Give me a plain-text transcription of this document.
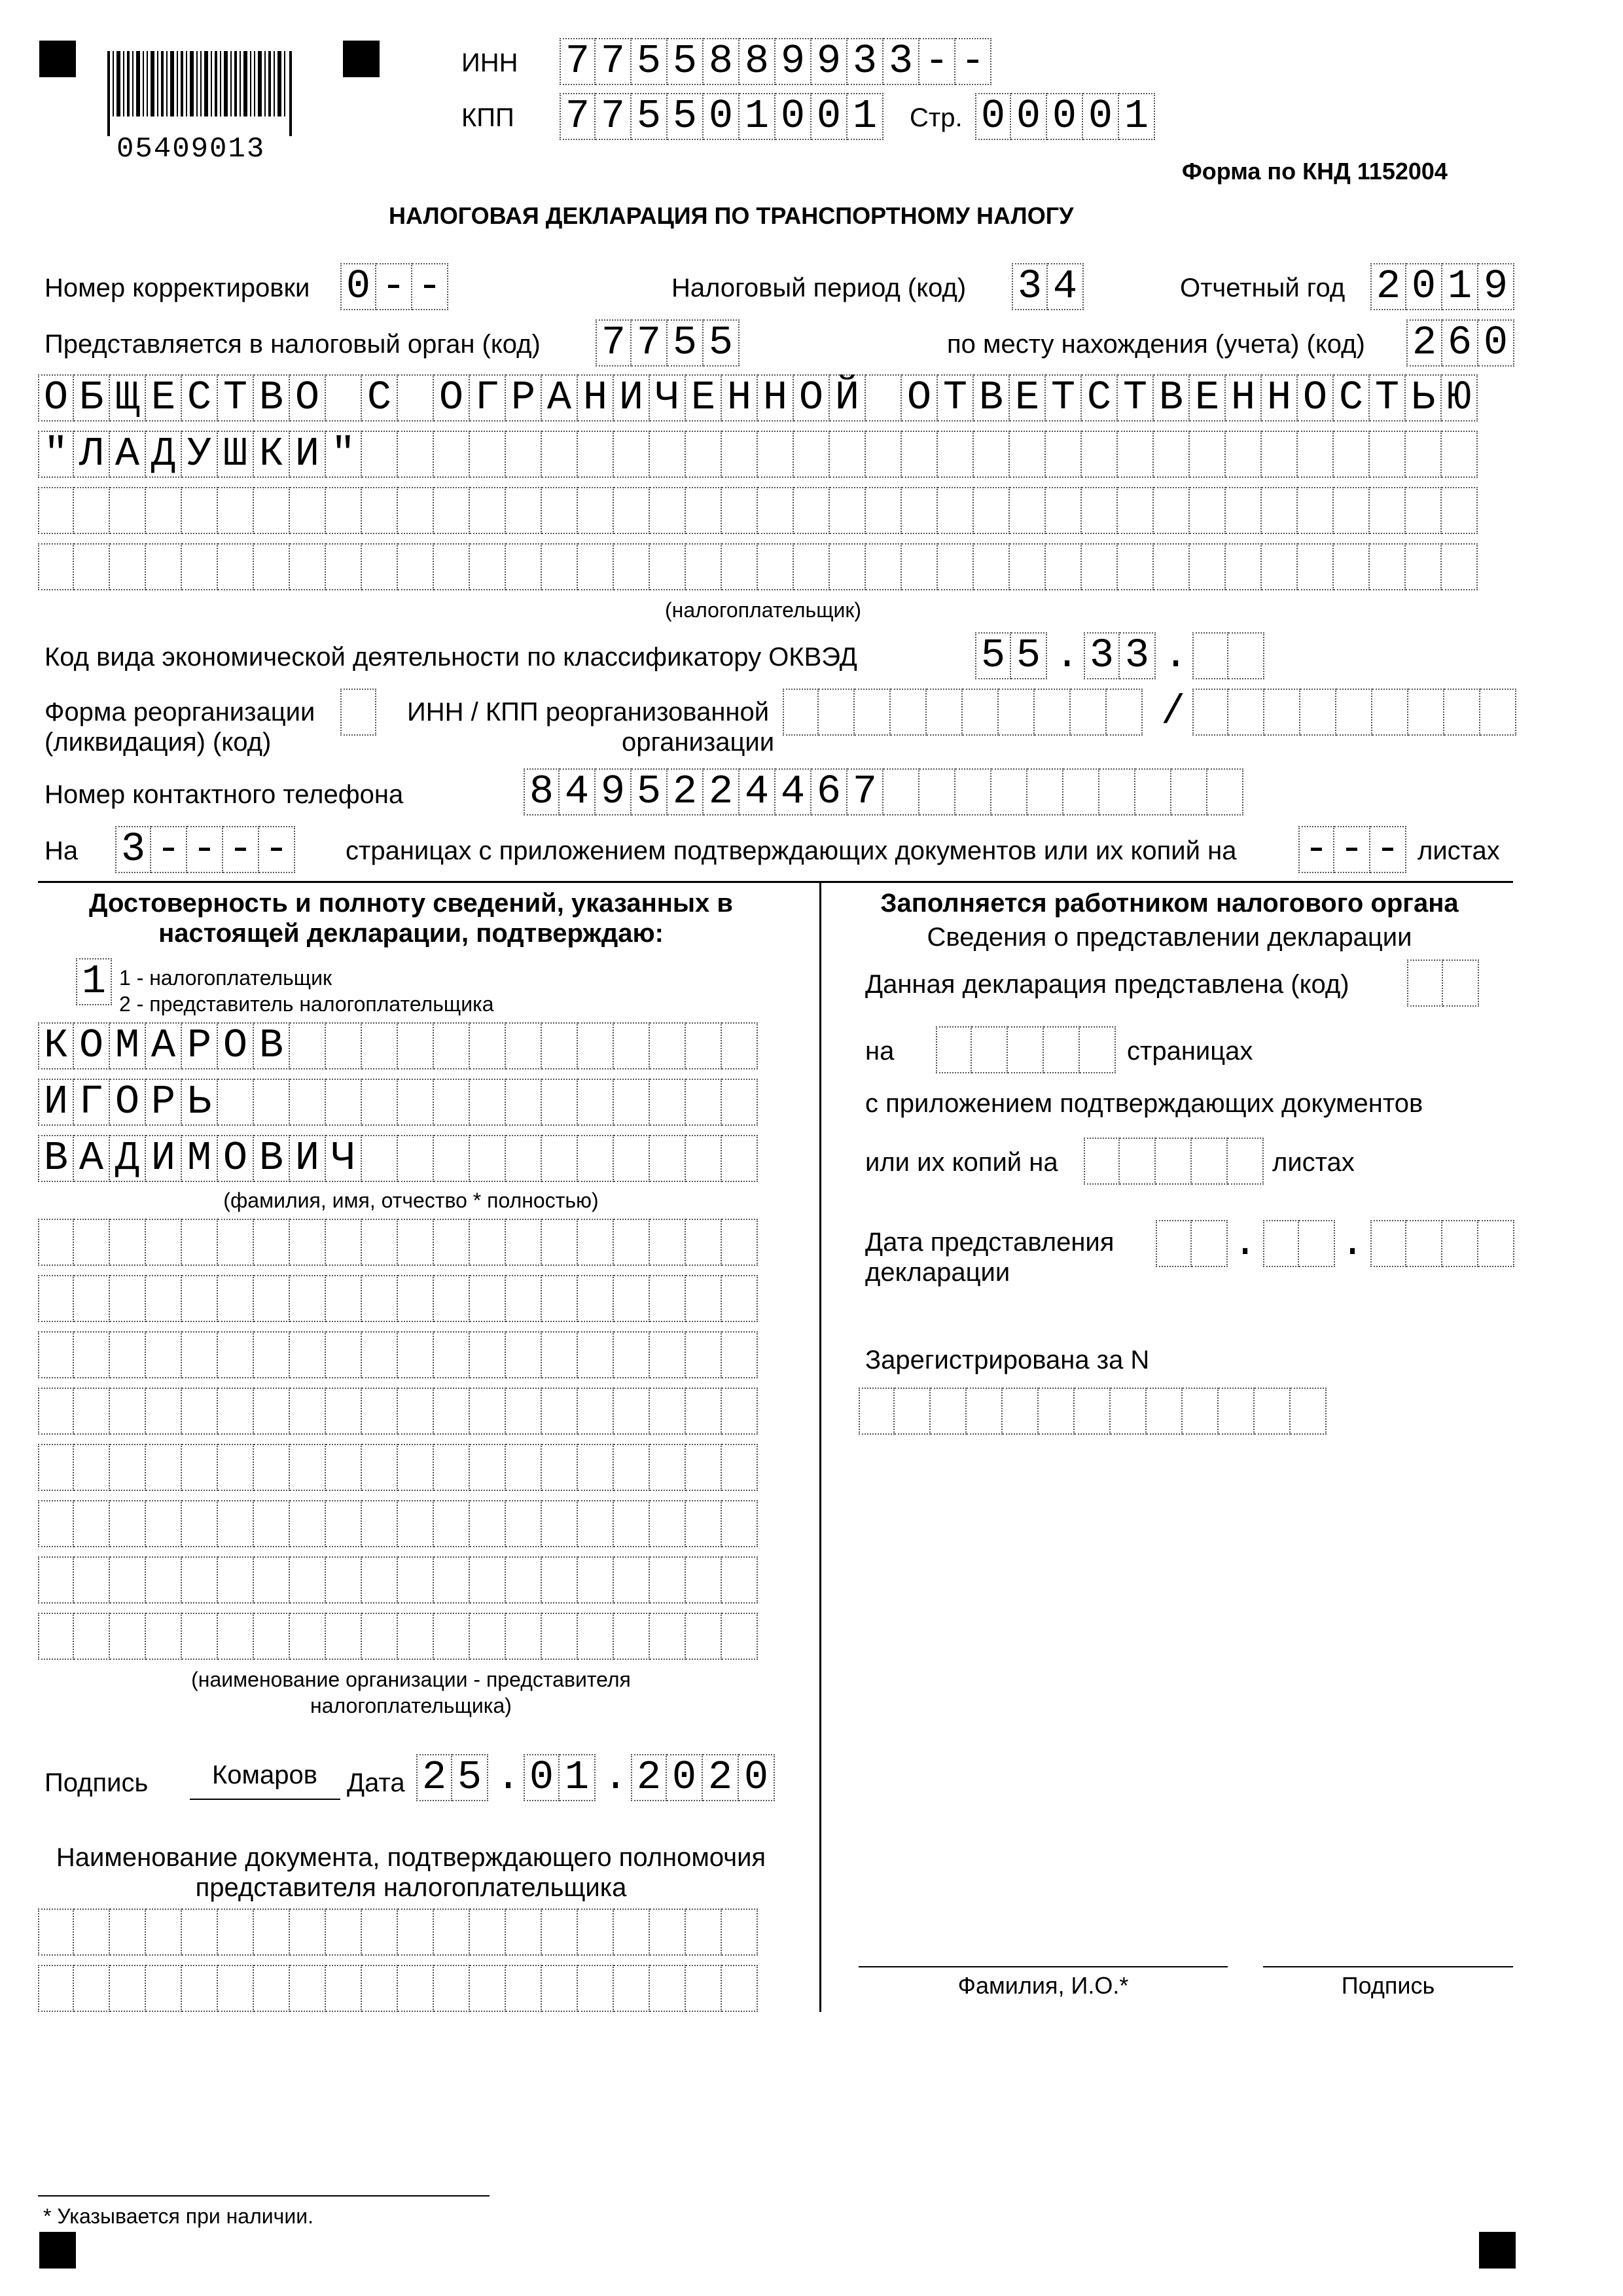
05409013
ИНН 7 7 5 5 8 8 9 9 3 3 - -
КПП 7 7 5 5 0 1 0 0 1 Стр. 0 0 0 0 1
Форма по КНД 1152004
НАЛОГОВАЯ ДЕКЛАРАЦИЯ ПО ТРАНСПОРТНОМУ НАЛОГУ
Номер корректировки 0 - -	Налоговый период (код) 3 4	Отчетный год 2 0 1 9
Представляется в налоговый орган (код) 7 7 5 5	по месту нахождения (учета) (код) 2 6 0
О Б Щ Е С Т В О С О Г Р А Н И Ч Е Н Н О Й О Т В Е Т С Т В Е Н Н О С Т Ь Ю
" Л А Д У Ш К И "
(налогоплательщик)
Код вида экономической деятельности по классификатору ОКВЭД	5 5 . 3 3 .
Форма реорганизации
(ликвидация) (код)
ИНН / КПП реорганизованной
организации
/
Номер контактного телефона	8 4 9 5 2 2 4 4 6 7
На 3 - - - - страницах с приложением подтверждающих документов или их копий на - - - листах
Достоверность и полноту сведений, указанных в
настоящей декларации, подтверждаю:
1 1 - налогоплательщик
2 - представитель налогоплательщика
К О М А Р О В
И Г О Р Ь
В А Д И М О В И Ч
(фамилия, имя, отчество * полностью)
(наименование организации - представителя
налогоплательщика)
Подпись Комаров Дата 2 5 . 0 1 . 2 0 2 0
Наименование документа, подтверждающего полномочия
представителя налогоплательщика
Заполняется работником налогового органа
Сведения о представлении декларации
Данная декларация представлена (код)
на	страницах
с приложением подтверждающих документов
или их копий на	листах
Дата представления
декларации
. .
Зарегистрирована за N
Фамилия, И.О.*	Подпись
* Указывается при наличии.
